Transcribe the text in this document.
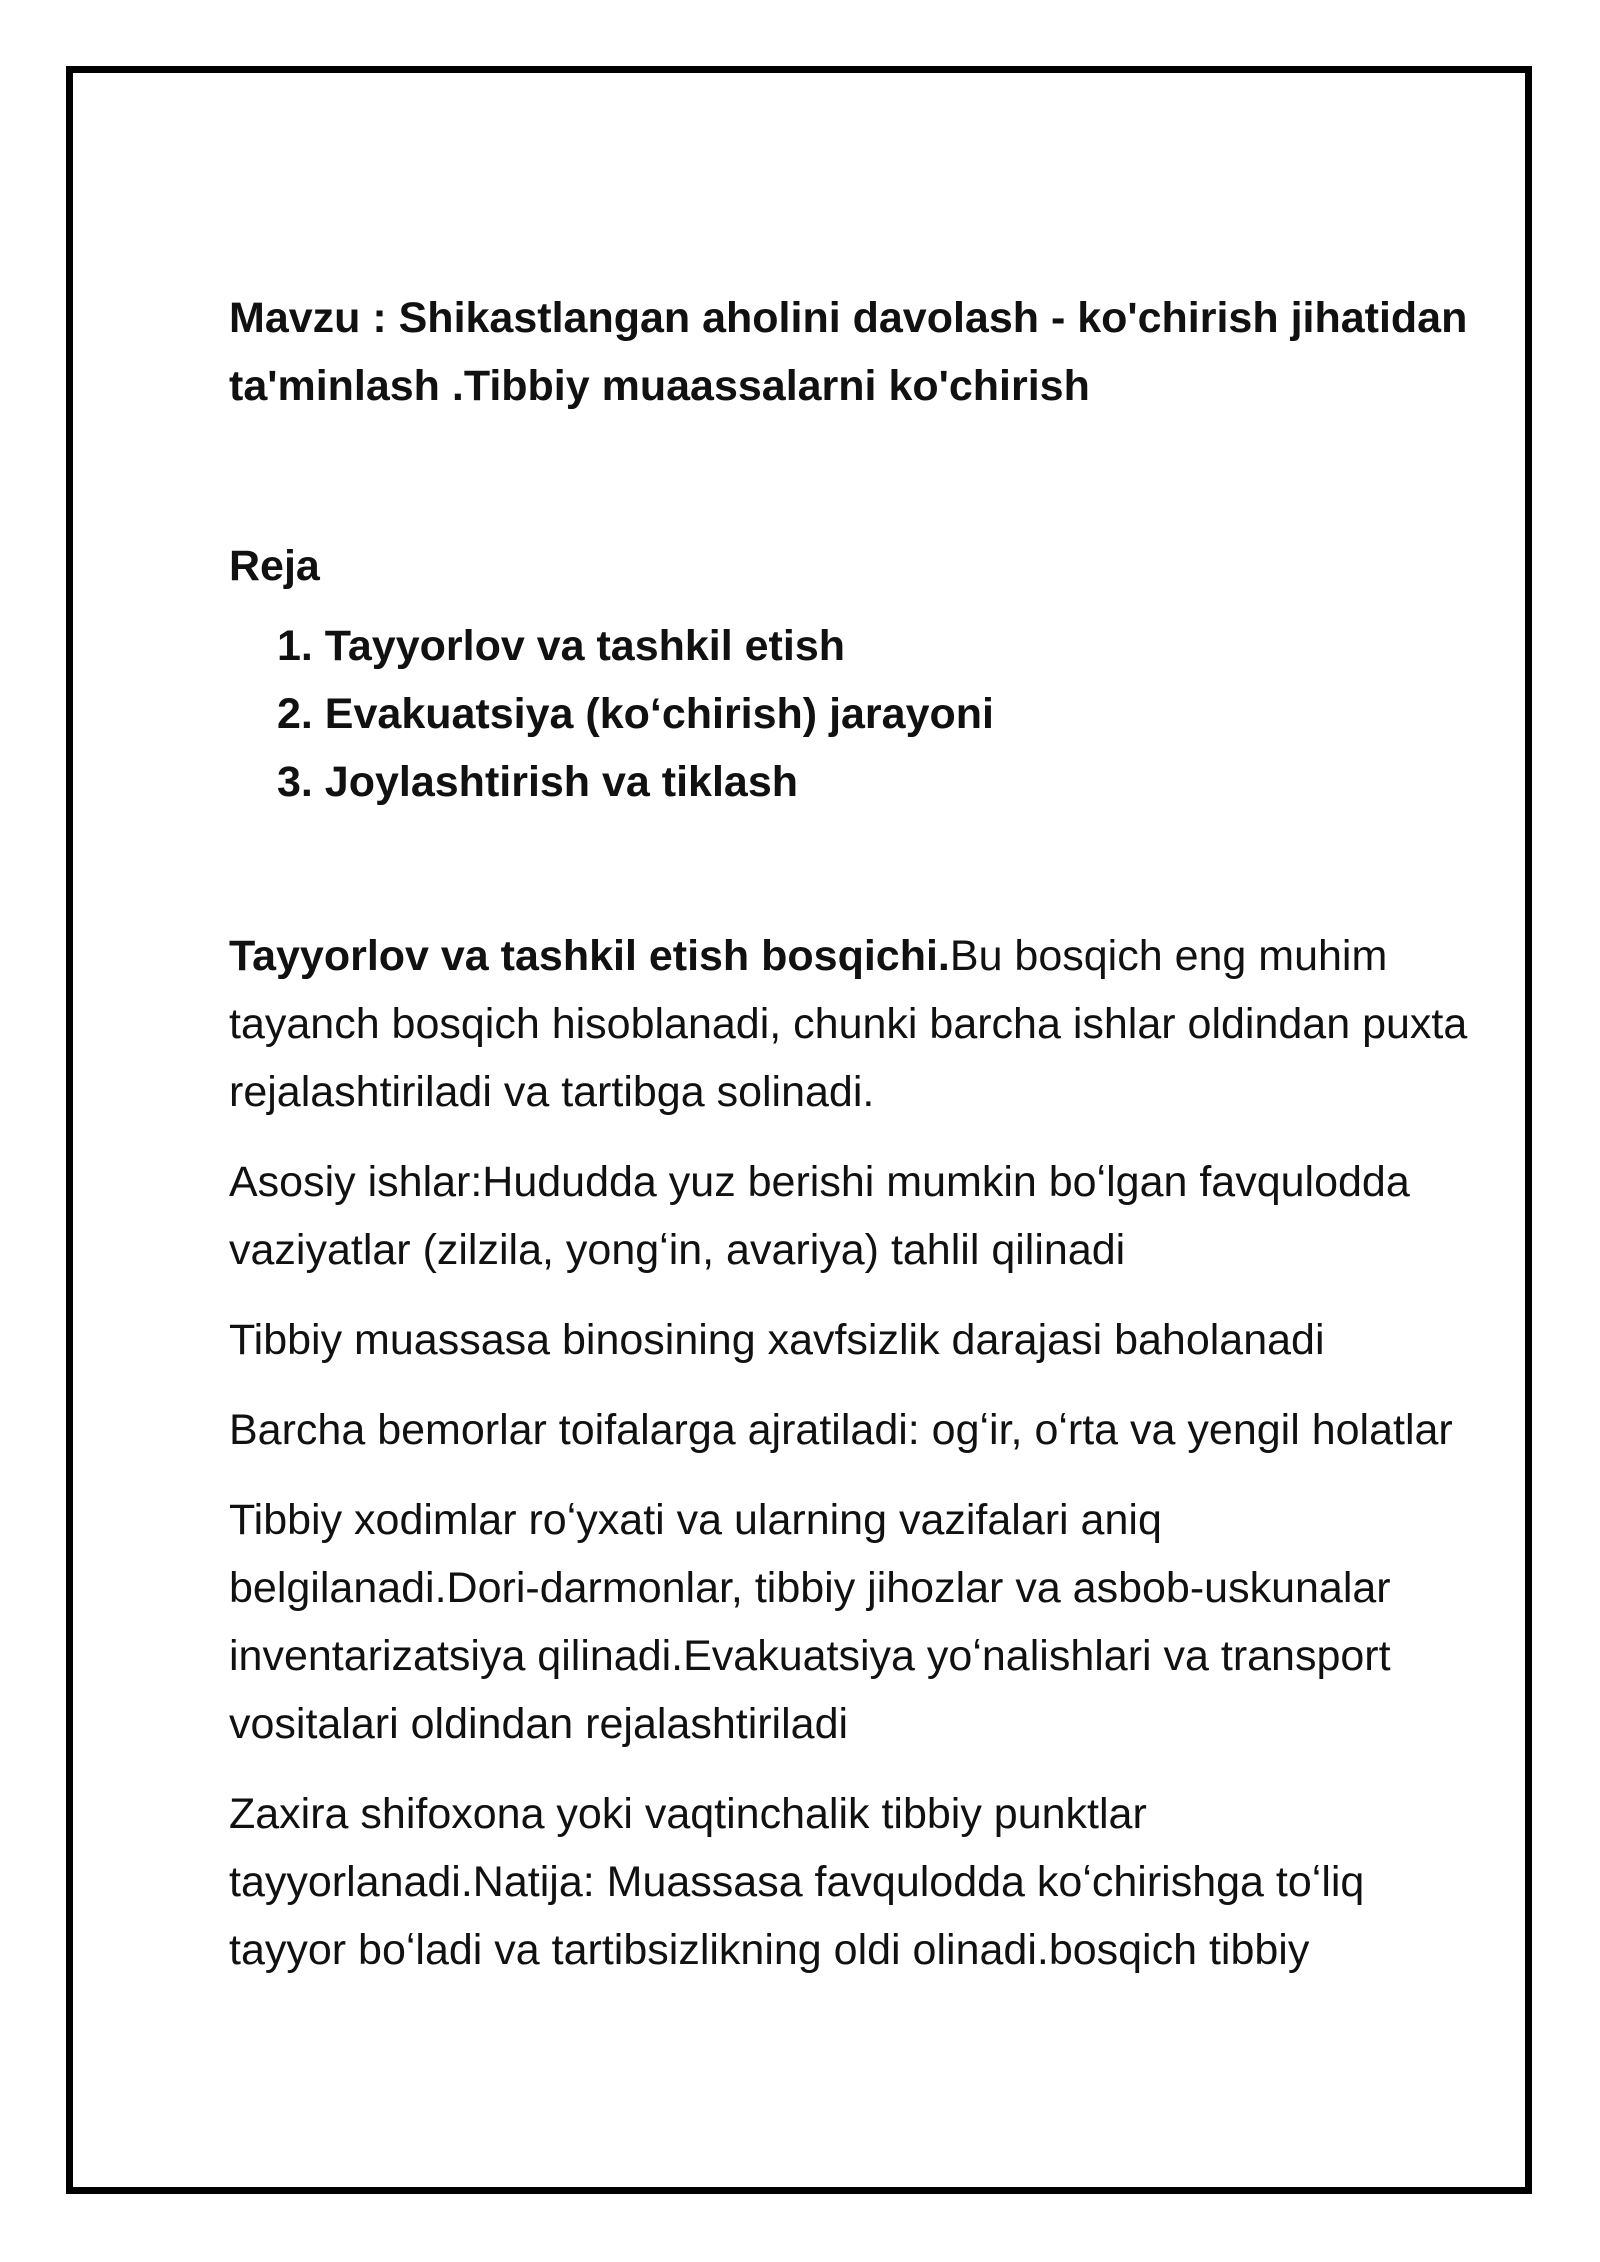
Mavzu : Shikastlangan aholini davolash - ko'chirish jihatidan ta'minlash .Tibbiy muaassalarni ko'chirish

Reja

1. Tayyorlov va tashkil etish
2. Evakuatsiya (koʻchirish) jarayoni
3. Joylashtirish va tiklash

Tayyorlov va tashkil etish bosqichi.Bu bosqich eng muhim tayanch bosqich hisoblanadi, chunki barcha ishlar oldindan puxta rejalashtiriladi va tartibga solinadi.

Asosiy ishlar:Hududda yuz berishi mumkin boʻlgan favqulodda vaziyatlar (zilzila, yongʻin, avariya) tahlil qilinadi

Tibbiy muassasa binosining xavfsizlik darajasi baholanadi

Barcha bemorlar toifalarga ajratiladi: ogʻir, oʻrta va yengil holatlar

Tibbiy xodimlar roʻyxati va ularning vazifalari aniq belgilanadi.Dori-darmonlar, tibbiy jihozlar va asbob-uskunalar inventarizatsiya qilinadi.Evakuatsiya yoʻnalishlari va transport vositalari oldindan rejalashtiriladi

Zaxira shifoxona yoki vaqtinchalik tibbiy punktlar tayyorlanadi.Natija: Muassasa favqulodda koʻchirishga toʻliq tayyor boʻladi va tartibsizlikning oldi olinadi.bosqich tibbiy
